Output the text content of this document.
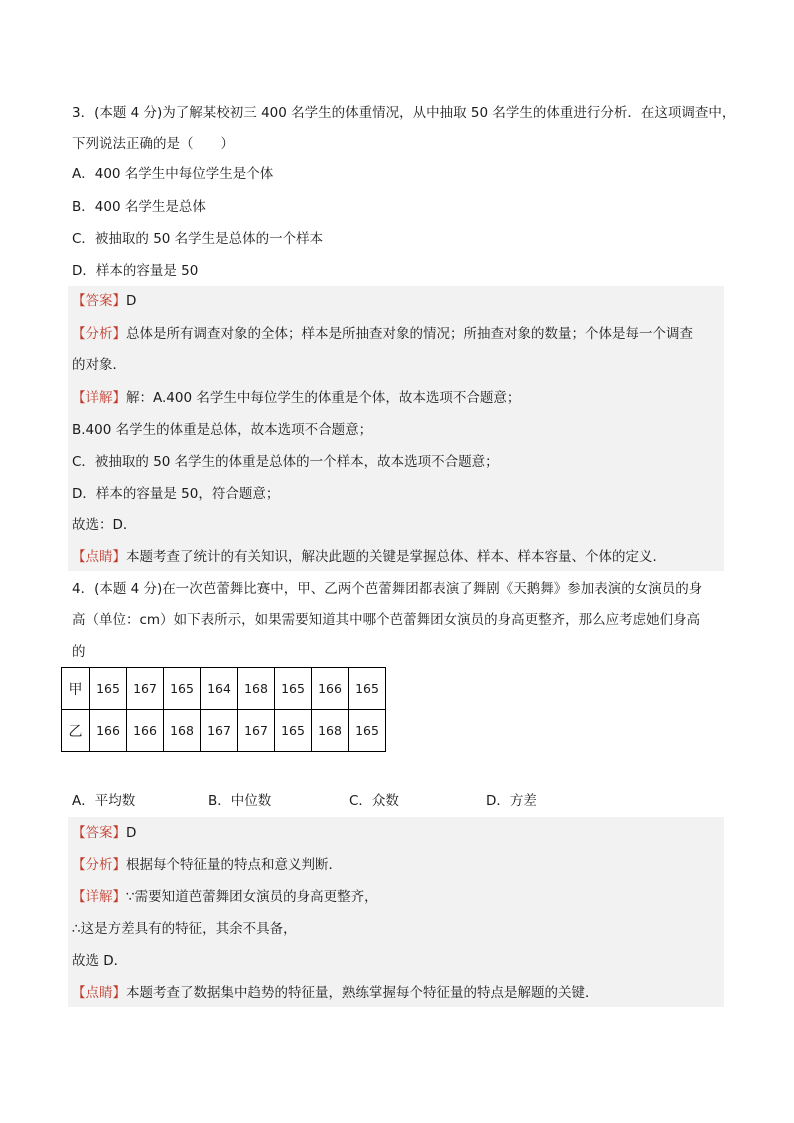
3．(本题 4 分)为了解某校初三 400 名学生的体重情况，从中抽取 50 名学生的体重进行分析．在这项调查中，
下列说法正确的是（　　）
A．400 名学生中每位学生是个体
B．400 名学生是总体
C．被抽取的 50 名学生是总体的一个样本
D．样本的容量是 50
【答案】D
【分析】总体是所有调查对象的全体；样本是所抽查对象的情况；所抽查对象的数量；个体是每一个调查
的对象．
【详解】解：A.400 名学生中每位学生的体重是个体，故本选项不合题意；
B.400 名学生的体重是总体，故本选项不合题意；
C．被抽取的 50 名学生的体重是总体的一个样本，故本选项不合题意；
D．样本的容量是 50，符合题意；
故选：D．
【点睛】本题考查了统计的有关知识，解决此题的关键是掌握总体、样本、样本容量、个体的定义．
4．(本题 4 分)在一次芭蕾舞比赛中，甲、乙两个芭蕾舞团都表演了舞剧《天鹅舞》参加表演的女演员的身
高（单位：cm）如下表所示，如果需要知道其中哪个芭蕾舞团女演员的身高更整齐，那么应考虑她们身高
的
甲	165	167	165	164	168	165	166	165
乙	166	166	168	167	167	165	168	165
A．平均数	B．中位数	C．众数	D．方差
【答案】D
【分析】根据每个特征量的特点和意义判断．
【详解】∵需要知道芭蕾舞团女演员的身高更整齐，
∴这是方差具有的特征，其余不具备，
故选 D．
【点睛】本题考查了数据集中趋势的特征量，熟练掌握每个特征量的特点是解题的关键．
